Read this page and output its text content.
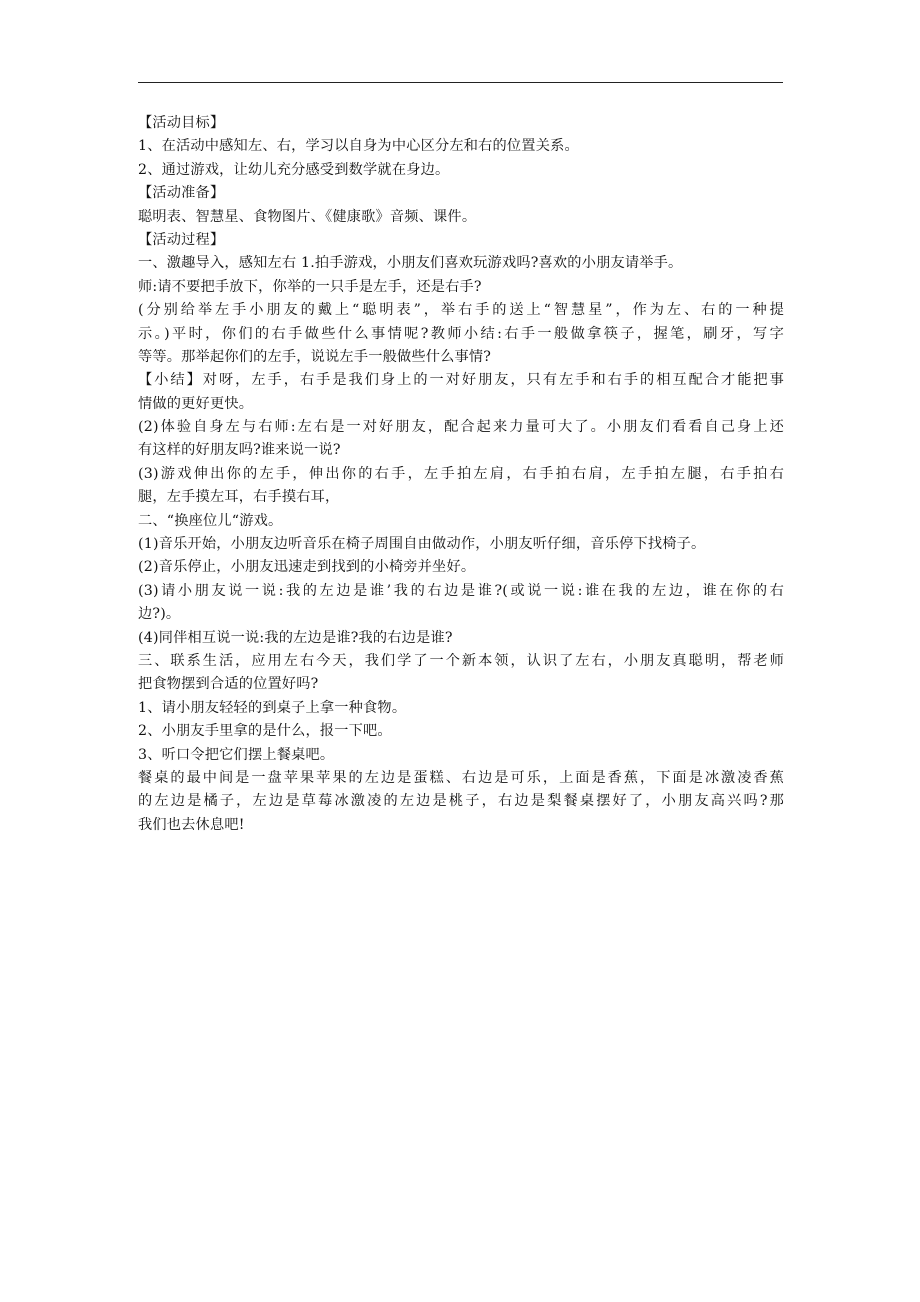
【活动目标】
1、在活动中感知左、右，学习以自身为中心区分左和右的位置关系。
2、通过游戏，让幼儿充分感受到数学就在身边。
【活动准备】
聪明表、智慧星、食物图片、《健康歌》音频、课件。
【活动过程】
一、激趣导入，感知左右 1.拍手游戏，小朋友们喜欢玩游戏吗?喜欢的小朋友请举手。
师:请不要把手放下，你举的一只手是左手，还是右手?
(分别给举左手小朋友的戴上“聪明表”，举右手的送上“智慧星”，作为左、右的一种提
示。)平时，你们的右手做些什么事情呢?教师小结:右手一般做拿筷子，握笔，刷牙，写字
等等。那举起你们的左手，说说左手一般做些什么事情?
【小结】对呀，左手，右手是我们身上的一对好朋友，只有左手和右手的相互配合才能把事
情做的更好更快。
(2)体验自身左与右师:左右是一对好朋友，配合起来力量可大了。小朋友们看看自己身上还
有这样的好朋友吗?谁来说一说?
(3)游戏伸出你的左手，伸出你的右手，左手拍左肩，右手拍右肩，左手拍左腿，右手拍右
腿，左手摸左耳，右手摸右耳，
二、“换座位儿“游戏。
(1)音乐开始，小朋友边听音乐在椅子周围自由做动作，小朋友听仔细，音乐停下找椅子。
(2)音乐停止，小朋友迅速走到找到的小椅旁并坐好。
(3)请小朋友说一说:我的左边是谁’我的右边是谁?(或说一说:谁在我的左边，谁在你的右
边?)。
(4)同伴相互说一说:我的左边是谁?我的右边是谁?
三、联系生活，应用左右今天，我们学了一个新本领，认识了左右，小朋友真聪明，帮老师
把食物摆到合适的位置好吗?
1、请小朋友轻轻的到桌子上拿一种食物。
2、小朋友手里拿的是什么，报一下吧。
3、听口令把它们摆上餐桌吧。
餐桌的最中间是一盘苹果苹果的左边是蛋糕、右边是可乐，上面是香蕉，下面是冰激凌香蕉
的左边是橘子，左边是草莓冰激凌的左边是桃子，右边是梨餐桌摆好了，小朋友高兴吗?那
我们也去休息吧!
